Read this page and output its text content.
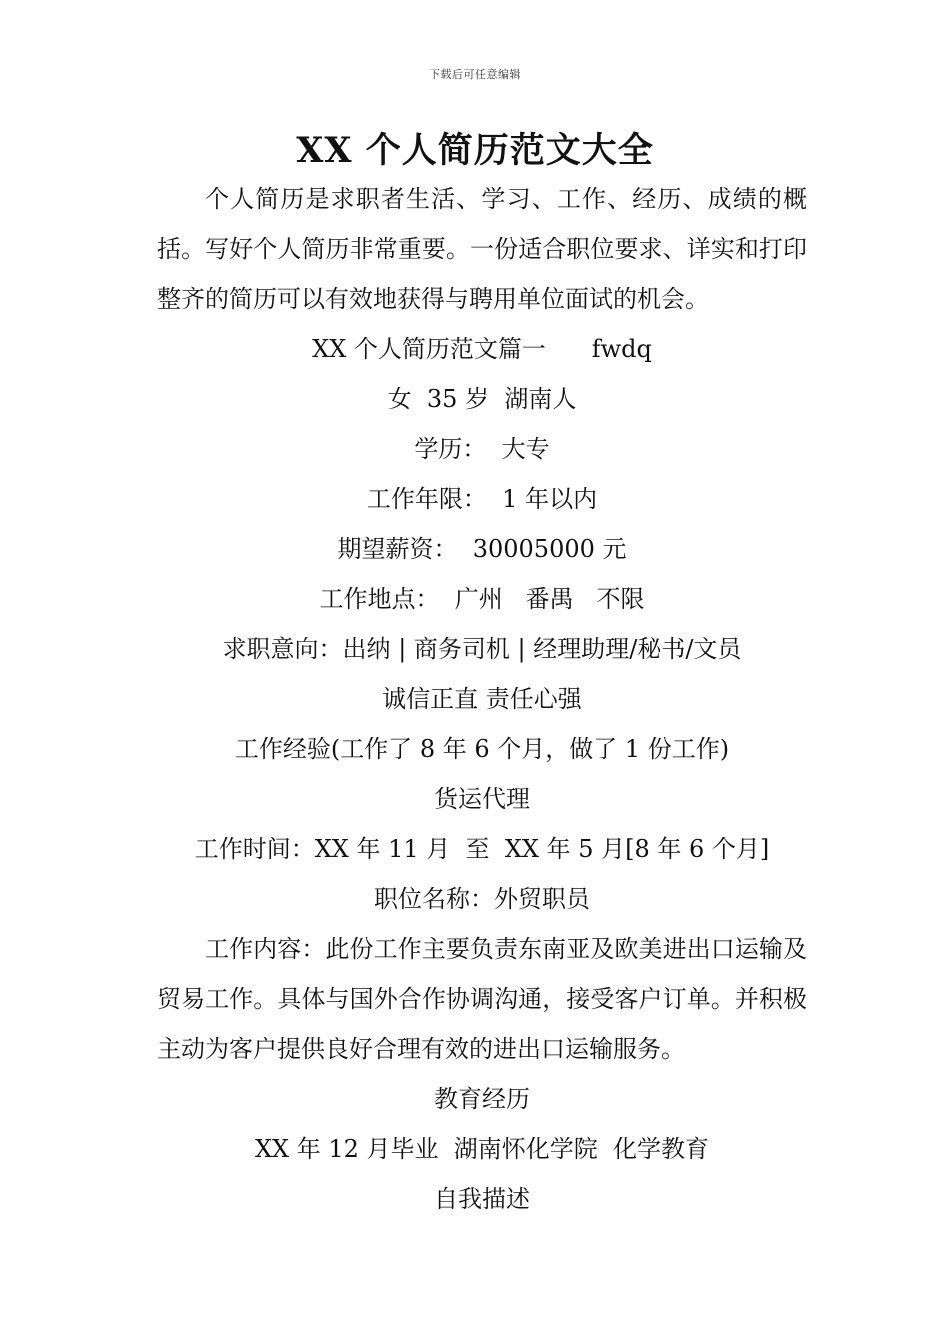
下载后可任意编辑
XX 个人简历范文大全

个人简历是求职者生活、学习、工作、经历、成绩的概括。写好个人简历非常重要。一份适合职位要求、详实和打印整齐的简历可以有效地获得与聘用单位面试的机会。

XX 个人简历范文篇一      fwdq

女  35 岁  湖南人

学历：  大专

工作年限：  1 年以内

期望薪资：  30005000 元

工作地点：  广州   番禺   不限

求职意向：出纳 | 商务司机 | 经理助理/秘书/文员

诚信正直 责任心强

工作经验(工作了 8 年 6 个月，做了 1 份工作)

货运代理

工作时间：XX 年 11 月  至  XX 年 5 月[8 年 6 个月]

职位名称：外贸职员

工作内容：此份工作主要负责东南亚及欧美进出口运输及贸易工作。具体与国外合作协调沟通，接受客户订单。并积极主动为客户提供良好合理有效的进出口运输服务。

教育经历

XX 年 12 月毕业  湖南怀化学院  化学教育

自我描述
